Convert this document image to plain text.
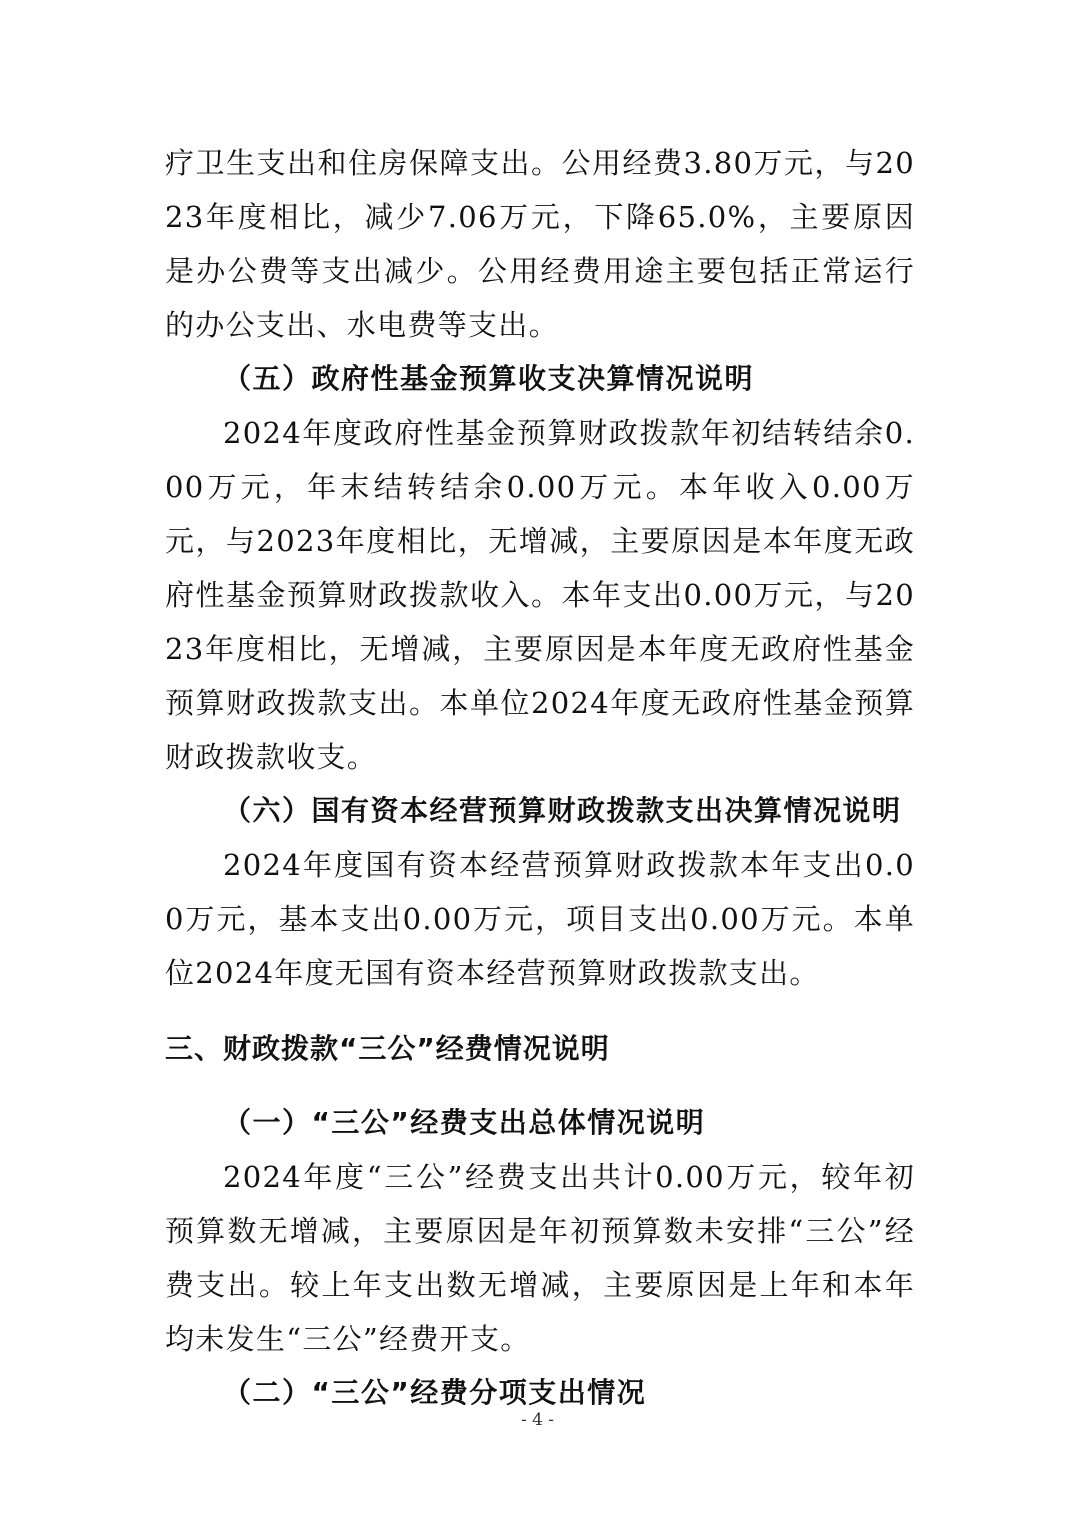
疗卫生支出和住房保障支出。公用经费3.80万元，与2023年度相比，减少7.06万元，下降65.0%，主要原因是办公费等支出减少。公用经费用途主要包括正常运行的办公支出、水电费等支出。

（五）政府性基金预算收支决算情况说明

2024年度政府性基金预算财政拨款年初结转结余0.00万元，年末结转结余0.00万元。本年收入0.00万元，与2023年度相比，无增减，主要原因是本年度无政府性基金预算财政拨款收入。本年支出0.00万元，与2023年度相比，无增减，主要原因是本年度无政府性基金预算财政拨款支出。本单位2024年度无政府性基金预算财政拨款收支。

（六）国有资本经营预算财政拨款支出决算情况说明

2024年度国有资本经营预算财政拨款本年支出0.00万元，基本支出0.00万元，项目支出0.00万元。本单位2024年度无国有资本经营预算财政拨款支出。

三、财政拨款“三公”经费情况说明

（一）“三公”经费支出总体情况说明

2024年度“三公”经费支出共计0.00万元，较年初预算数无增减，主要原因是年初预算数未安排“三公”经费支出。较上年支出数无增减，主要原因是上年和本年均未发生“三公”经费开支。

（二）“三公”经费分项支出情况

- 4 -
